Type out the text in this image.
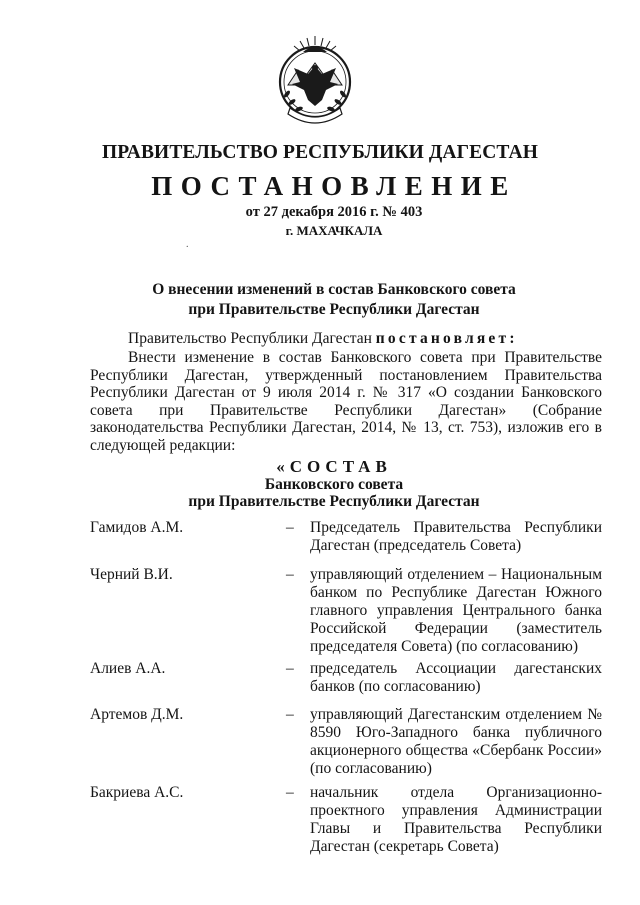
ПРАВИТЕЛЬСТВО РЕСПУБЛИКИ ДАГЕСТАН
ПОСТАНОВЛЕНИЕ
от 27 декабря 2016 г. № 403
г. МАХАЧКАЛА
.
О внесении изменений в состав Банковского совета
при Правительстве Республики Дагестан
Правительство Республики Дагестан постановляет:
Внести изменение в состав Банковского совета при Правительстве Республики Дагестан, утвержденный постановлением Правительства Республики Дагестан от 9 июля 2014 г. № 317 «О создании Банковского совета при Правительстве Республики Дагестан» (Собрание законодательства Республики Дагестан, 2014, № 13, ст. 753), изложив его в следующей редакции:
«СОСТАВ
Банковского совета
при Правительстве Республики Дагестан
Гамидов А.М.	– Председатель Правительства Республики Дагестан (председатель Совета)
Черний В.И.	– управляющий отделением – Национальным банком по Республике Дагестан Южного главного управления Центрального банка Российской Федерации (заместитель председателя Совета) (по согласованию)
Алиев А.А.	– председатель Ассоциации дагестанских банков (по согласованию)
Артемов Д.М.	– управляющий Дагестанским отделением № 8590 Юго-Западного банка публичного акционерного общества «Сбербанк России» (по согласованию)
Бакриева А.С.	– начальник отдела Организационно-проектного управления Администрации Главы и Правительства Республики Дагестан (секретарь Совета)
